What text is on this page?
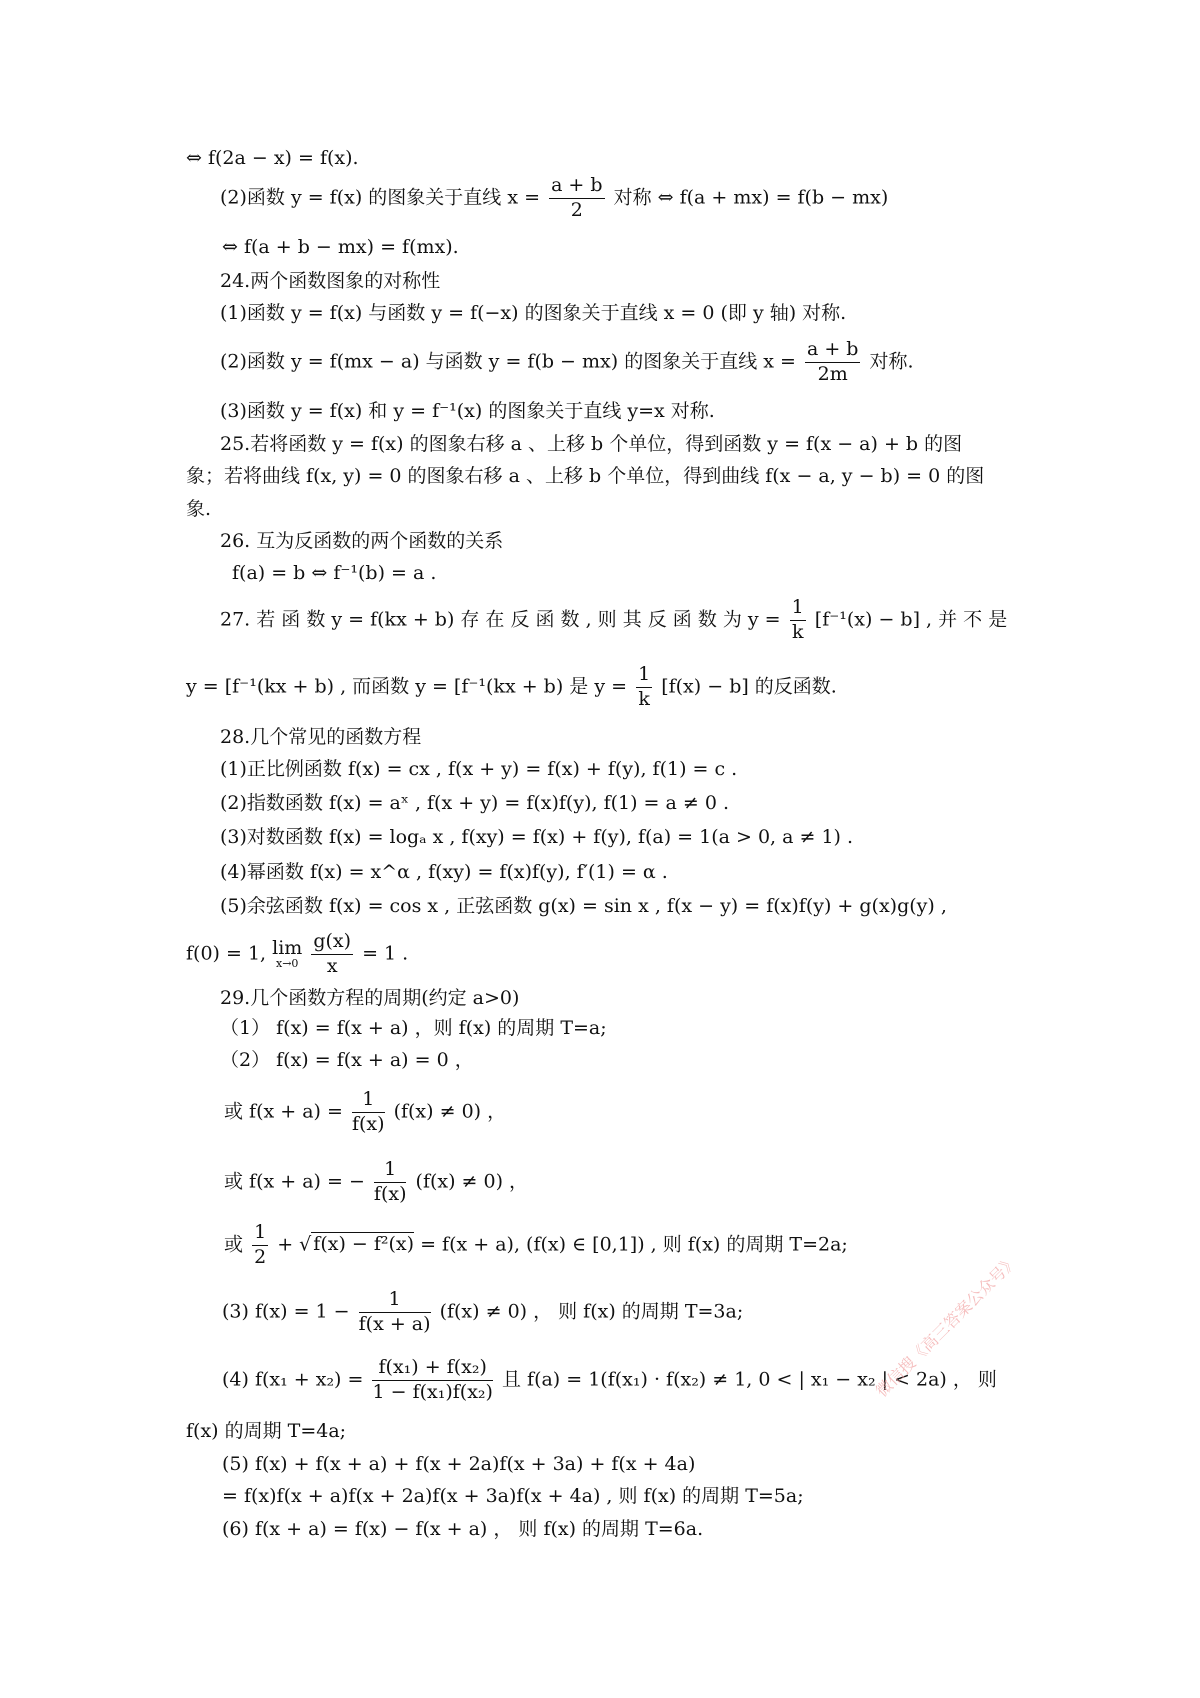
⇔ f(2a − x) = f(x).
(2)函数 y = f(x) 的图象关于直线 $x = \frac{a + b}{2}$ 对称 ⇔ f(a + mx) = f(b − mx)
⇔ f(a + b − mx) = f(mx).
24.两个函数图象的对称性
(1)函数 y = f(x) 与函数 y = f(−x) 的图象关于直线 x = 0 (即 y 轴) 对称.
(2)函数 y = f(mx − a) 与函数 y = f(b − mx) 的图象关于直线 $x = \frac{a + b}{2m}$ 对称.
(3)函数 y = f(x) 和 y = f⁻¹(x) 的图象关于直线 y=x 对称.
25.若将函数 y = f(x) 的图象右移 a 、上移 b 个单位，得到函数 y = f(x − a) + b 的图
象；若将曲线 f(x, y) = 0 的图象右移 a 、上移 b 个单位，得到曲线 f(x − a, y − b) = 0 的图
象.
26. 互为反函数的两个函数的关系
f(a) = b ⇔ f⁻¹(b) = a .
27. 若 函 数 y = f(kx + b) 存 在 反 函 数 , 则 其 反 函 数 为 $y = \frac{1}{k} [f^{-1}(x) - b]$ , 并 不 是
y = [f⁻¹(kx + b) , 而函数 y = [f⁻¹(kx + b) 是 $y = \frac{1}{k} [f(x) - b]$ 的反函数.
28.几个常见的函数方程
(1)正比例函数 f(x) = cx , f(x + y) = f(x) + f(y), f(1) = c .
(2)指数函数 f(x) = aˣ , f(x + y) = f(x)f(y), f(1) = a ≠ 0 .
(3)对数函数 f(x) = logₐ x , f(xy) = f(x) + f(y), f(a) = 1(a > 0, a ≠ 1) .
(4)幂函数 f(x) = x^α , f(xy) = f(x)f(y), f′(1) = α .
(5)余弦函数 f(x) = cos x , 正弦函数 g(x) = sin x , f(x − y) = f(x)f(y) + g(x)g(y) ,
f(0) = 1, lim
x→0
$\frac{g(x)}{x} = 1$ .
29.几个函数方程的周期(约定 a>0)
（1） f(x) = f(x + a) ，则 f(x) 的周期 T=a;
（2） f(x) = f(x + a) = 0 ，
或 $f(x + a) = \frac{1}{f(x)} (f(x) \ne 0)$ ，
或 f(x + a) = − $\frac{1}{f(x)} (f(x) \ne 0)$ ，
或 $\frac{1}{2}$ + √ f(x) − f²(x) = f(x + a), (f(x) ∈ [0,1]) , 则 f(x) 的周期 T=2a;
(3) $f(x) = 1 - \frac{1}{f(x + a)} (f(x) \ne 0)$ ， 则 f(x) 的周期 T=3a;
(4) $f(x_1 + x_2) = \frac{\text{f(x₁) + f(x₂)}}{\text{1 − f(x₁)f(x₂)}}$ 且 f(a) = 1(f(x₁) · f(x₂) ≠ 1, 0 < | x₁ − x₂ | < 2a) ， 则
f(x) 的周期 T=4a;
(5) f(x) + f(x + a) + f(x + 2a)f(x + 3a) + f(x + 4a)
= f(x)f(x + a)f(x + 2a)f(x + 3a)f(x + 4a) , 则 f(x) 的周期 T=5a;
(6) f(x + a) = f(x) − f(x + a) ， 则 f(x) 的周期 T=6a.
微信搜《高三答案公众号》
